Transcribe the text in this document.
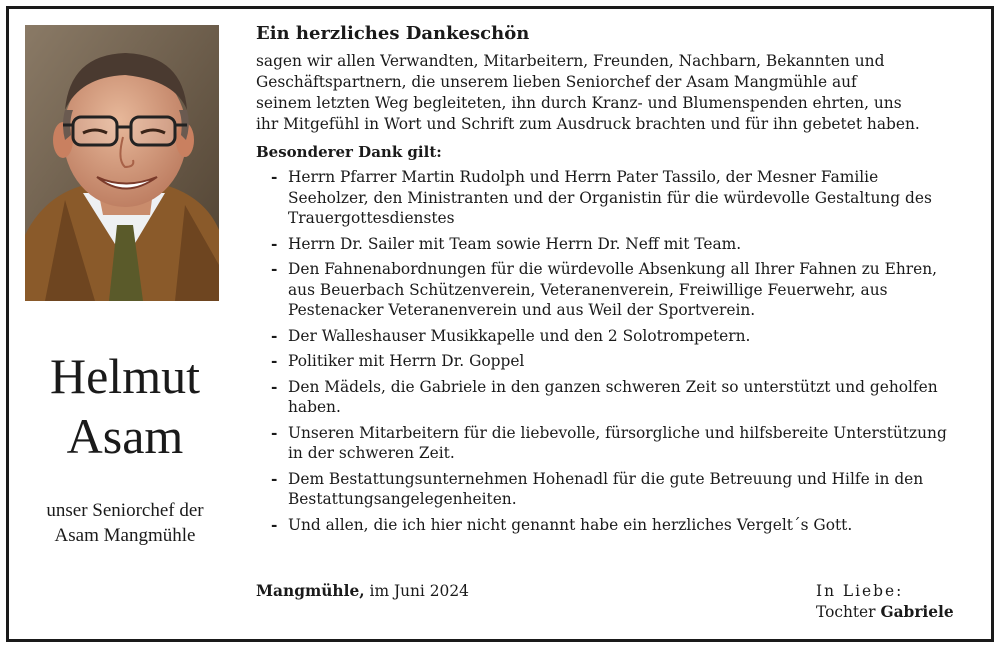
Helmut
Asam
unser Seniorchef der
Asam Mangmühle
Ein herzliches Dankeschön

sagen wir allen Verwandten, Mitarbeitern, Freunden, Nachbarn, Bekannten und
Geschäftspartnern, die unserem lieben Seniorchef der Asam Mangmühle auf
seinem letzten Weg begleiteten, ihn durch Kranz- und Blumenspenden ehrten, uns
ihr Mitgefühl in Wort und Schrift zum Ausdruck brachten und für ihn gebetet haben.

Besonderer Dank gilt:
- Herrn Pfarrer Martin Rudolph und Herrn Pater Tassilo, der Mesner Familie
Seeholzer, den Ministranten und der Organistin für die würdevolle Gestaltung des
Trauergottesdienstes
- Herrn Dr. Sailer mit Team sowie Herrn Dr. Neff mit Team.
- Den Fahnenabordnungen für die würdevolle Absenkung all Ihrer Fahnen zu Ehren,
aus Beuerbach Schützenverein, Veteranenverein, Freiwillige Feuerwehr, aus
Pestenacker Veteranenverein und aus Weil der Sportverein.
- Der Walleshauser Musikkapelle und den 2 Solotrompetern.
- Politiker mit Herrn Dr. Goppel
- Den Mädels, die Gabriele in den ganzen schweren Zeit so unterstützt und geholfen
haben.
- Unseren Mitarbeitern für die liebevolle, fürsorgliche und hilfsbereite Unterstützung
in der schweren Zeit.
- Dem Bestattungsunternehmen Hohenadl für die gute Betreuung und Hilfe in den
Bestattungsangelegenheiten.
- Und allen, die ich hier nicht genannt habe ein herzliches Vergelt´s Gott.
Mangmühle, im Juni 2024	In Liebe:
Tochter Gabriele
